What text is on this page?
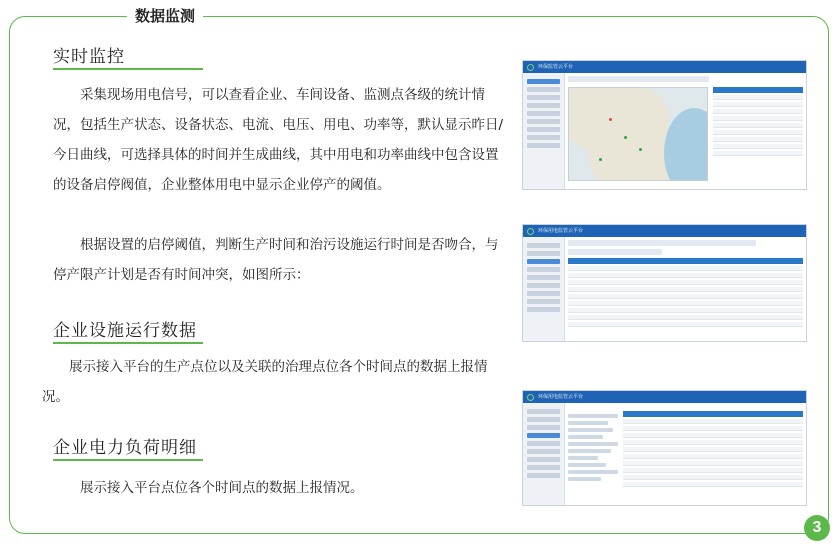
数据监测
实时监控
采集现场用电信号，可以查看企业、车间设备、监测点各级的统计情况，包括生产状态、设备状态、电流、电压、用电、功率等，默认显示昨日/今日曲线，可选择具体的时间并生成曲线，其中用电和功率曲线中包含设置的设备启停阀值，企业整体用电中显示企业停产的阈值。
根据设置的启停阈值，判断生产时间和治污设施运行时间是否吻合，与停产限产计划是否有时间冲突，如图所示：
企业设施运行数据
展示接入平台的生产点位以及关联的治理点位各个时间点的数据上报情况。
企业电力负荷明细
展示接入平台点位各个时间点的数据上报情况。
环保监管云平台
环保用电监管云平台
环保用电监管云平台
3
